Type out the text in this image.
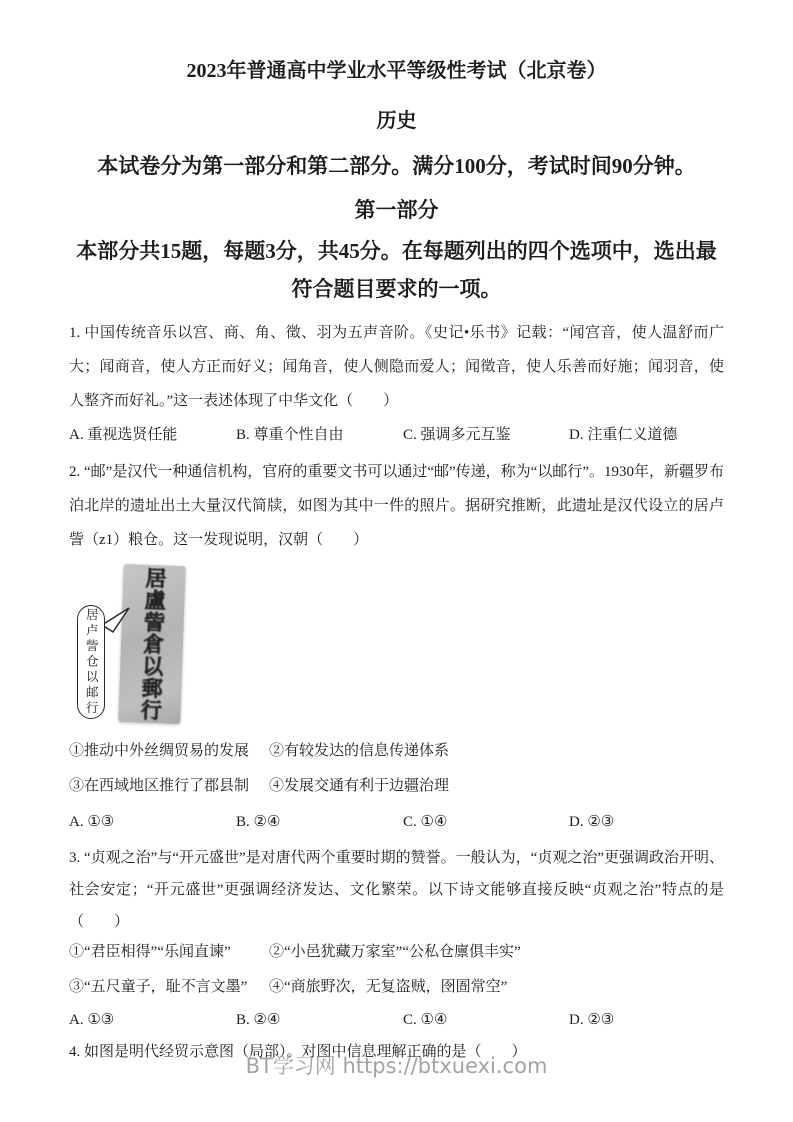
2023年普通高中学业水平等级性考试（北京卷）
历史
本试卷分为第一部分和第二部分。满分100分，考试时间90分钟。
第一部分
本部分共15题，每题3分，共45分。在每题列出的四个选项中，选出最符合题目要求的一项。
1. 中国传统音乐以宫、商、角、徵、羽为五声音阶。《史记•乐书》记载：“闻宫音，使人温舒而广大；闻商音，使人方正而好义；闻角音，使人侧隐而爱人；闻徵音，使人乐善而好施；闻羽音，使人整齐而好礼。”这一表述体现了中华文化（　　）
A. 重视选贤任能	B. 尊重个性自由	C. 强调多元互鉴	D. 注重仁义道德
2. “邮”是汉代一种通信机构，官府的重要文书可以通过“邮”传递，称为“以邮行”。1930年，新疆罗布泊北岸的遗址出土大量汉代简牍，如图为其中一件的照片。据研究推断，此遗址是汉代设立的居卢訾（z1）粮仓。这一发现说明，汉朝（　　）
居卢訾仓以邮行 居盧訾倉以郵行
①推动中外丝绸贸易的发展	②有较发达的信息传递体系
③在西域地区推行了郡县制	④发展交通有利于边疆治理
A. ①③	B. ②④	C. ①④	D. ②③
3. “贞观之治”与“开元盛世”是对唐代两个重要时期的赞誉。一般认为，“贞观之治”更强调政治开明、社会安定；“开元盛世”更强调经济发达、文化繁荣。以下诗文能够直接反映“贞观之治”特点的是（　　）
①“君臣相得”“乐闻直谏”	②“小邑犹藏万家室”“公私仓廪俱丰实”
③“五尺童子，耻不言文墨”	④“商旅野次，无复盗贼，囹圄常空”
A. ①③	B. ②④	C. ①④	D. ②③
4. 如图是明代经贸示意图（局部）。对图中信息理解正确的是（　　）
BT学习网 https://btxuexi.com
